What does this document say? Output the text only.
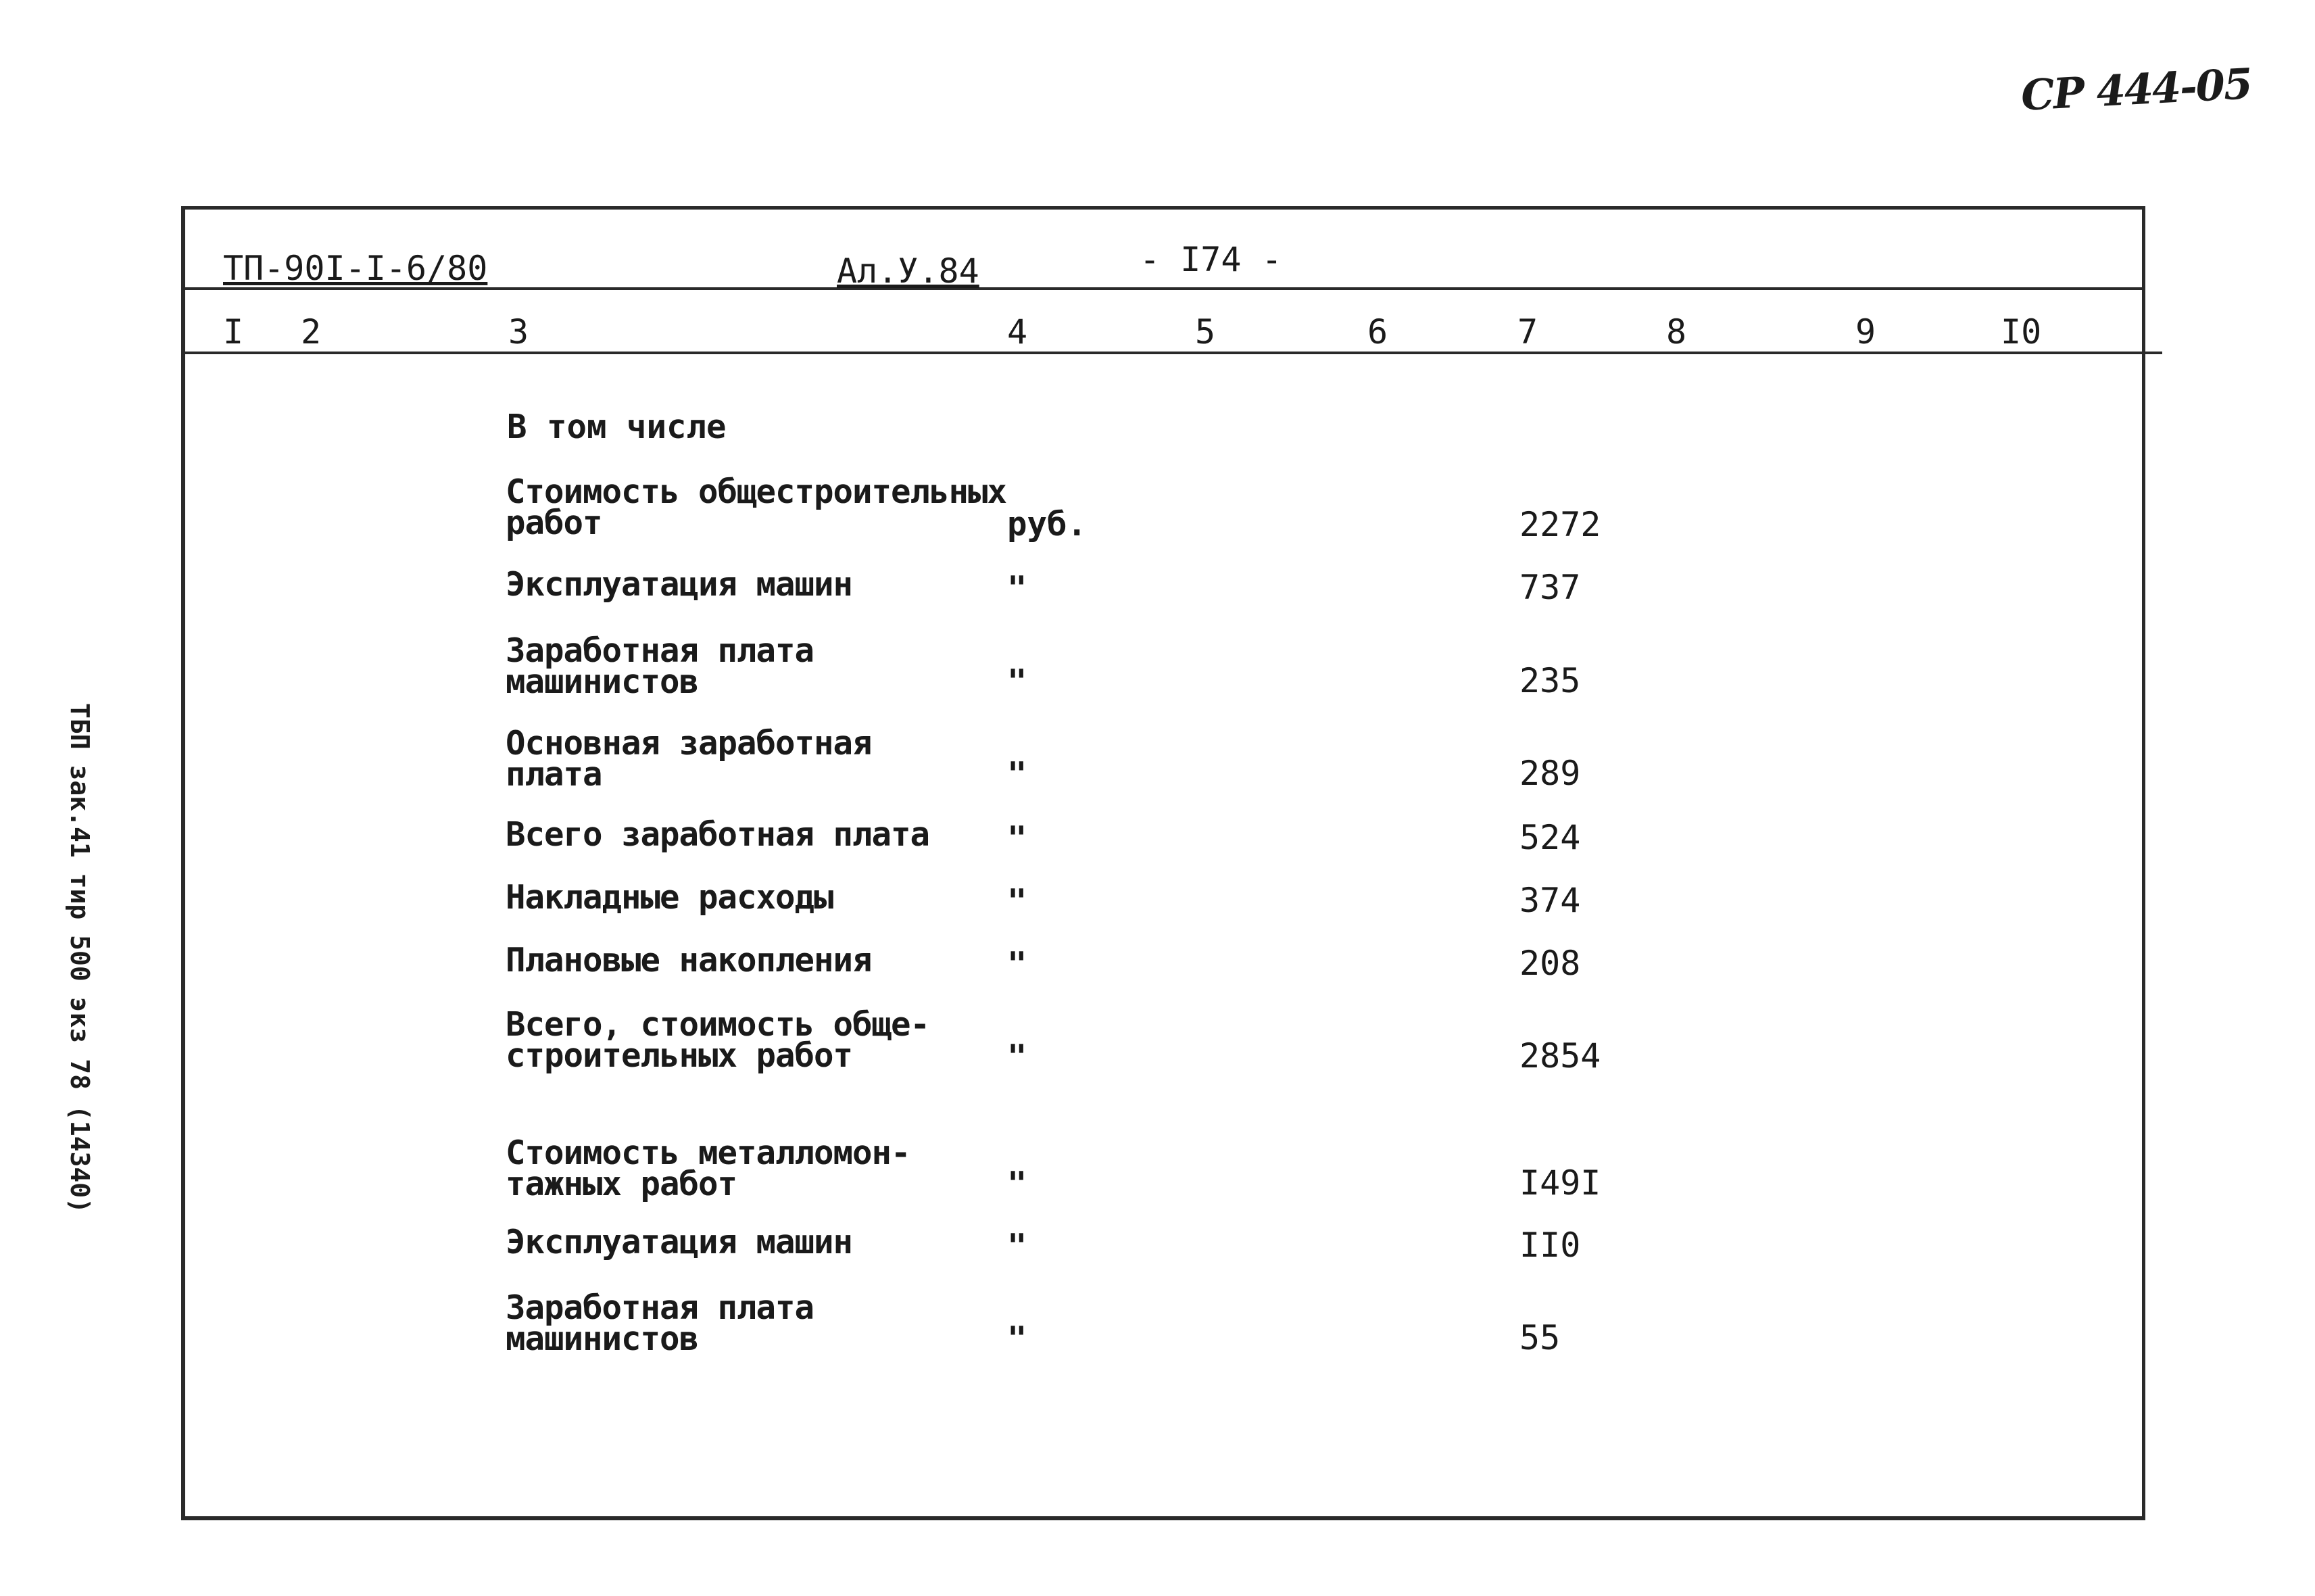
СР 444-05
ТБП зак.41 тир 500 экз 78 (14340)
ТП-90I-I-6/80	Ал.У.84	- I74 -
I 2	3	4	5	6	7	8	9	I0
В том числе
Стоимость общестроительных
работ	руб.	2272
Эксплуатация машин	"	737
Заработная плата
машинистов	"	235
Основная заработная
плата	"	289
Всего заработная плата "	524
Накладные расходы	"	374
Плановые накопления	"	208
Всего, стоимость обще-
строительных работ	"	2854
Стоимость металломон-
тажных работ	"	I49I
Эксплуатация машин	"	II0
Заработная плата
машинистов	"	55
